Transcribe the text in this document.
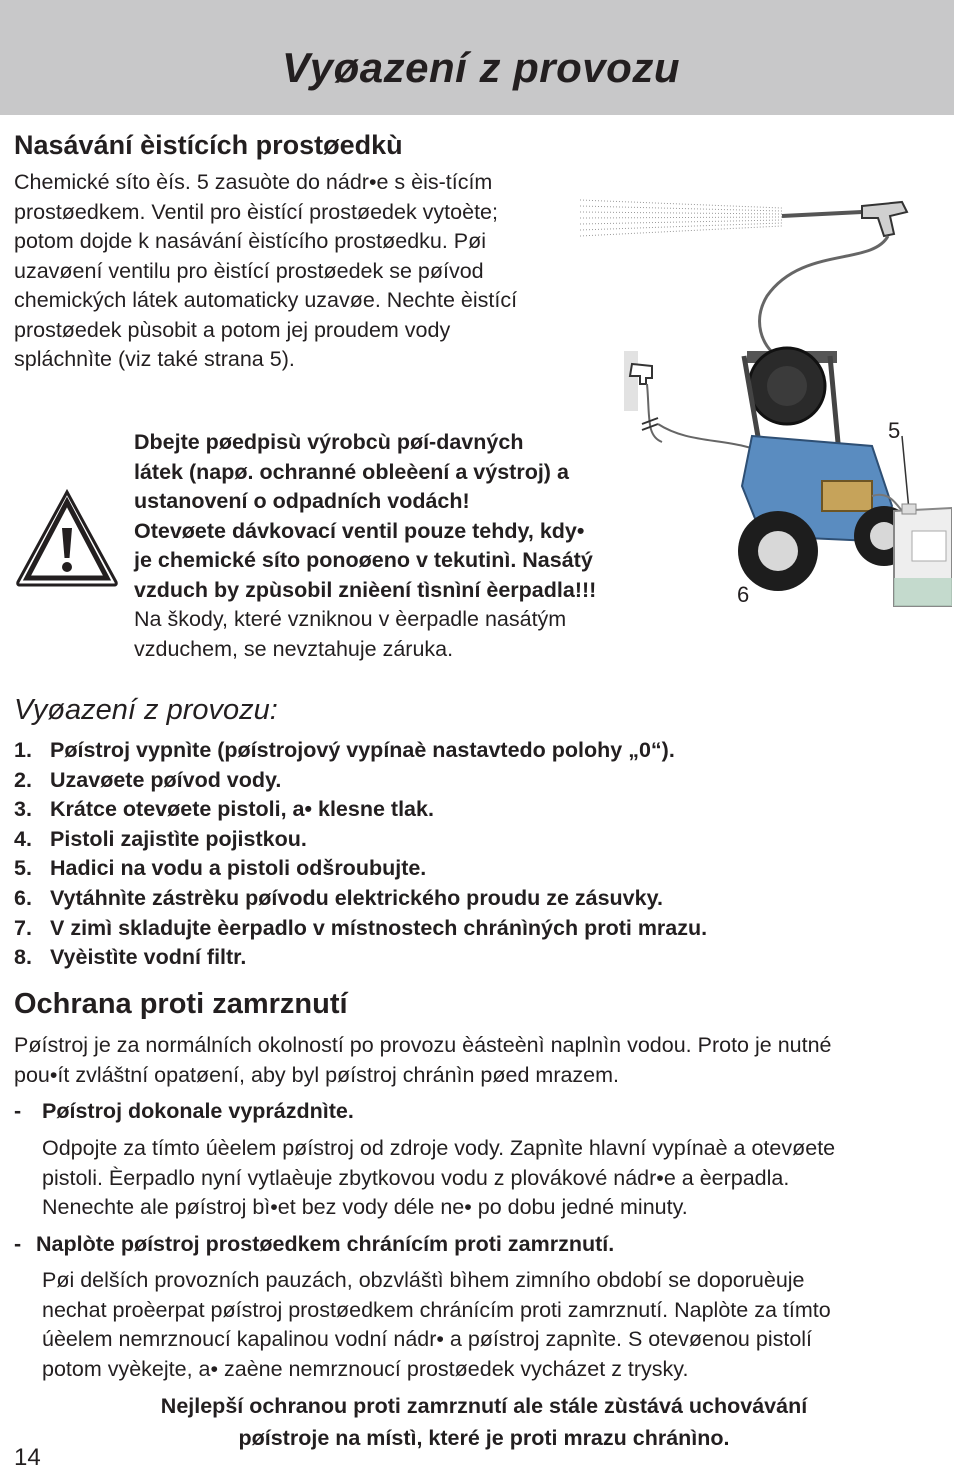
Vyøazení z provozu
Nasávání èistících prostøedkù
Chemické síto èís. 5 zasuòte do nádr•e s èis-tícím
prostøedkem. Ventil pro èistící prostøedek vytoète;
potom dojde k nasávání èistícího prostøedku. Pøi
uzavøení ventilu pro èistící prostøedek se pøívod
chemických látek automaticky uzavøe. Nechte èistící
prostøedek pùsobit a potom jej proudem vody
spláchnìte (viz také strana 5).
Dbejte pøedpisù výrobcù pøí-davných
látek (napø. ochranné obleèení a výstroj) a
ustanovení o odpadních vodách!
Otevøete dávkovací ventil pouze tehdy, kdy•
je chemické síto ponoøeno v tekutinì. Nasátý
vzduch by zpùsobil znièení tìsnìní èerpadla!!!
Na škody, které vzniknou v èerpadle nasátým
vzduchem, se nevztahuje záruka.
5
6
Vyøazení z provozu:
1. Pøístroj vypnìte (pøístrojový vypínaè nastavtedo polohy „0“).
2. Uzavøete pøívod vody.
3. Krátce otevøete pistoli, a• klesne tlak.
4. Pistoli zajistìte pojistkou.
5. Hadici na vodu a pistoli odšroubujte.
6. Vytáhnìte zástrèku pøívodu elektrického proudu ze zásuvky.
7. V zimì skladujte èerpadlo v místnostech chránìných proti mrazu.
8. Vyèistìte vodní filtr.
Ochrana proti zamrznutí
Pøístroj je za normálních okolností po provozu èásteènì naplnìn vodou. Proto je nutné
pou•ít zvláštní opatøení, aby byl pøístroj chránìn pøed mrazem.
- Pøístroj dokonale vyprázdnìte.
Odpojte za tímto úèelem pøístroj od zdroje vody. Zapnìte hlavní vypínaè a otevøete
pistoli. Èerpadlo nyní vytlaèuje zbytkovou vodu z plovákové nádr•e a èerpadla.
Nenechte ale pøístroj bì•et bez vody déle ne• po dobu jedné minuty.
- Naplòte pøístroj prostøedkem chránícím proti zamrznutí.
Pøi delších provozních pauzách, obzvláštì bìhem zimního období se doporuèuje
nechat proèerpat pøístroj prostøedkem chránícím proti zamrznutí. Naplòte za tímto
úèelem nemrznoucí kapalinou vodní nádr• a pøístroj zapnìte. S otevøenou pistolí
potom vyèkejte, a• zaène nemrznoucí prostøedek vycházet z trysky.
Nejlepší ochranou proti zamrznutí ale stále zùstává uchovávání
pøístroje na místì, které je proti mrazu chránìno.
14
